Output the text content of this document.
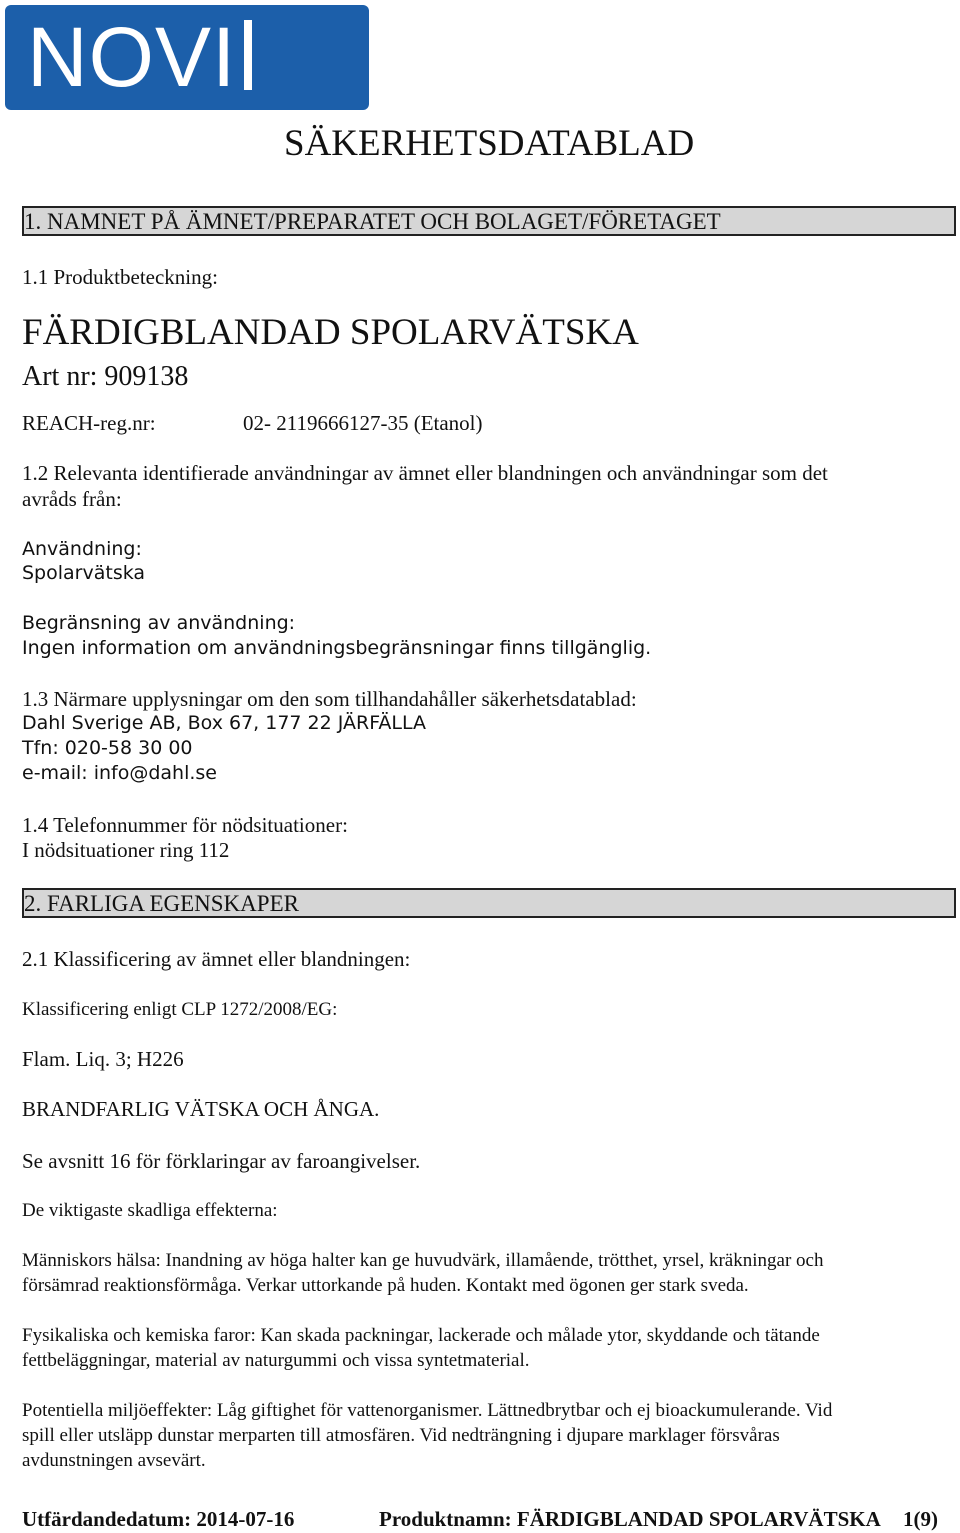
NOVIPro	SÄKERHETSDATABLAD
1. NAMNET PÅ ÄMNET/PREPARATET OCH BOLAGET/FÖRETAGET
1.1 Produktbeteckning:
FÄRDIGBLANDAD SPOLARVÄTSKA
Art nr: 909138
REACH-reg.nr:	02- 2119666127-35 (Etanol)
1.2 Relevanta identifierade användningar av ämnet eller blandningen och användningar som det
avråds från:
Användning:
Spolarvätska
Begränsning av användning:
Ingen information om användningsbegränsningar finns tillgänglig.
1.3 Närmare upplysningar om den som tillhandahåller säkerhetsdatablad:
Dahl Sverige AB, Box 67, 177 22 JÄRFÄLLA
Tfn: 020-58 30 00
e-mail: info@dahl.se
1.4 Telefonnummer för nödsituationer:
I nödsituationer ring 112
2. FARLIGA EGENSKAPER
2.1 Klassificering av ämnet eller blandningen:
Klassificering enligt CLP 1272/2008/EG:
Flam. Liq. 3; H226
BRANDFARLIG VÄTSKA OCH ÅNGA.
Se avsnitt 16 för förklaringar av faroangivelser.
De viktigaste skadliga effekterna:
Människors hälsa: Inandning av höga halter kan ge huvudvärk, illamående, trötthet, yrsel, kräkningar och
försämrad reaktionsförmåga. Verkar uttorkande på huden. Kontakt med ögonen ger stark sveda.
Fysikaliska och kemiska faror: Kan skada packningar, lackerade och målade ytor, skyddande och tätande
fettbeläggningar, material av naturgummi och vissa syntetmaterial.
Potentiella miljöeffekter: Låg giftighet för vattenorganismer. Lättnedbrytbar och ej bioackumulerande. Vid
spill eller utsläpp dunstar merparten till atmosfären. Vid nedträngning i djupare marklager försvåras
avdunstningen avsevärt.
Utfärdandedatum: 2014-07-16	Produktnamn: FÄRDIGBLANDAD SPOLARVÄTSKA 1(9)
